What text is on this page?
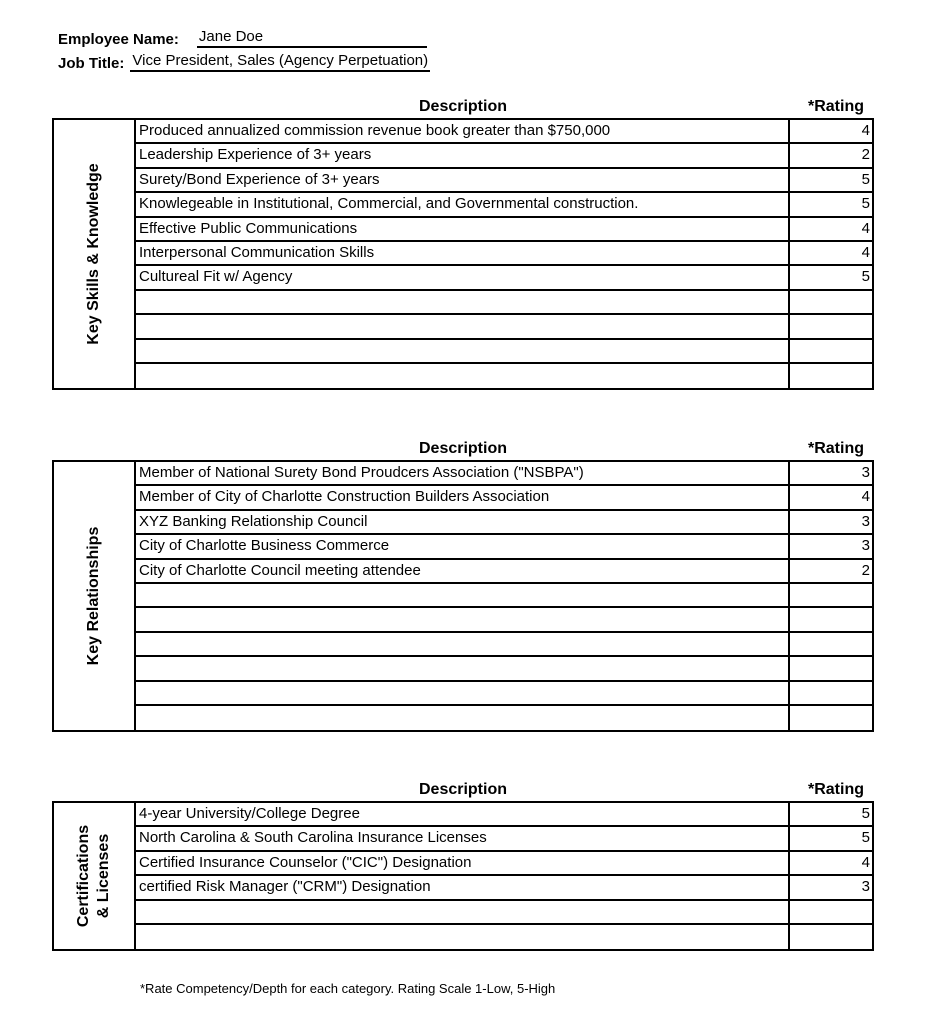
Employee Name: Jane Doe
Job Title: Vice President, Sales (Agency Perpetuation)
Description	*Rating
Key Skills & Knowledge
Produced annualized commission revenue book greater than $750,000	4
Leadership Experience of 3+ years	2
Surety/Bond Experience of 3+ years	5
Knowlegeable in Institutional, Commercial, and Governmental construction.	5
Effective Public Communications	4
Interpersonal Communication Skills	4
Cultureal Fit w/ Agency	5
Description	*Rating
Key Relationships
Member of National Surety Bond Proudcers Association ("NSBPA")	3
Member of City of Charlotte Construction Builders Association	4
XYZ Banking Relationship Council	3
City of Charlotte Business Commerce	3
City of Charlotte Council meeting attendee	2
Description	*Rating
Certifications & Licenses
4-year University/College Degree	5
North Carolina & South Carolina Insurance Licenses	5
Certified Insurance Counselor ("CIC") Designation	4
certified Risk Manager ("CRM") Designation	3
*Rate Competency/Depth for each category. Rating Scale 1-Low, 5-High
